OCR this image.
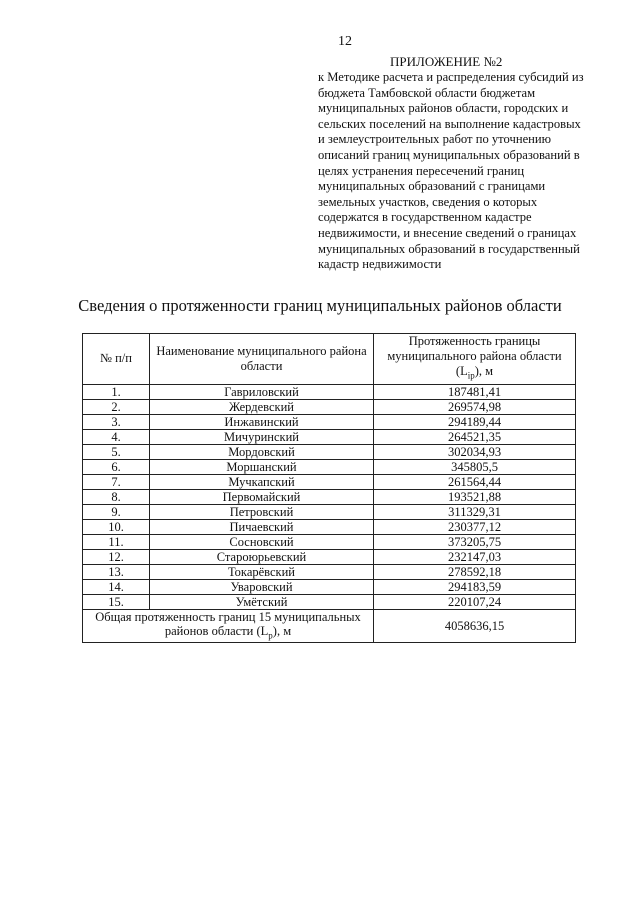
12
ПРИЛОЖЕНИЕ №2
к Методике расчета и распределения субсидий из
бюджета Тамбовской области бюджетам
муниципальных районов области, городских и
сельских поселений на выполнение кадастровых
и землеустроительных работ по уточнению
описаний границ муниципальных образований в
целях устранения пересечений границ
муниципальных образований с границами
земельных участков, сведения о которых
содержатся в государственном кадастре
недвижимости, и внесение сведений о границах
муниципальных образований в государственный
кадастр недвижимости
Сведения о протяженности границ муниципальных районов области
№ п/п	Наименование муниципального района области	Протяженность границы муниципального района области $(L_{ip})$, м
1.	Гавриловский	187481,41
2.	Жердевский	269574,98
3.	Инжавинский	294189,44
4.	Мичуринский	264521,35
5.	Мордовский	302034,93
6.	Моршанский	345805,5
7.	Мучкапский	261564,44
8.	Первомайский	193521,88
9.	Петровский	311329,31
10.	Пичаевский	230377,12
11.	Сосновский	373205,75
12.	Староюрьевский	232147,03
13.	Токарёвский	278592,18
14.	Уваровский	294183,59
15.	Умётский	220107,24
Общая протяженность границ 15 муниципальных районов области $(L_p)$, м		4058636,15
